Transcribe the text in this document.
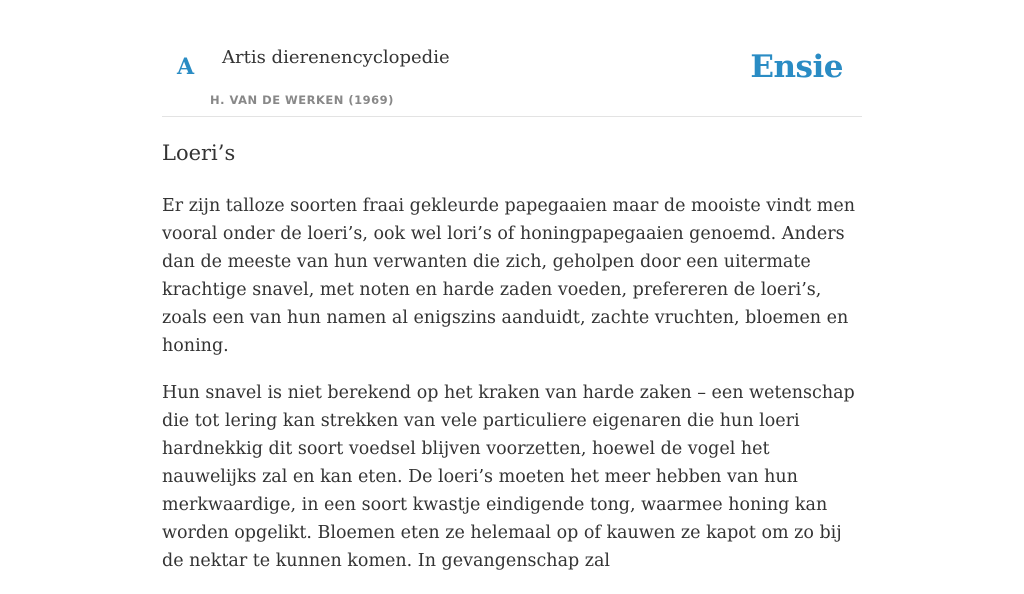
A Artis dierenencyclopedie
H. VAN DE WERKEN (1969)
Ensie
Loeri’s

Er zijn talloze soorten fraai gekleurde papegaaien maar de mooiste vindt men vooral onder de loeri’s, ook wel lori’s of honingpapegaaien genoemd. Anders dan de meeste van hun verwanten die zich, geholpen door een uitermate krachtige snavel, met noten en harde zaden voeden, prefereren de loeri’s, zoals een van hun namen al enigszins aanduidt, zachte vruchten, bloemen en honing.

Hun snavel is niet berekend op het kraken van harde zaken – een wetenschap die tot lering kan strekken van vele particuliere eigenaren die hun loeri hardnekkig dit soort voedsel blijven voorzetten, hoewel de vogel het nauwelijks zal en kan eten. De loeri’s moeten het meer hebben van hun merkwaardige, in een soort kwastje eindigende tong, waarmee honing kan worden opgelikt. Bloemen eten ze helemaal op of kauwen ze kapot om zo bij de nektar te kunnen komen. In gevangenschap zal
